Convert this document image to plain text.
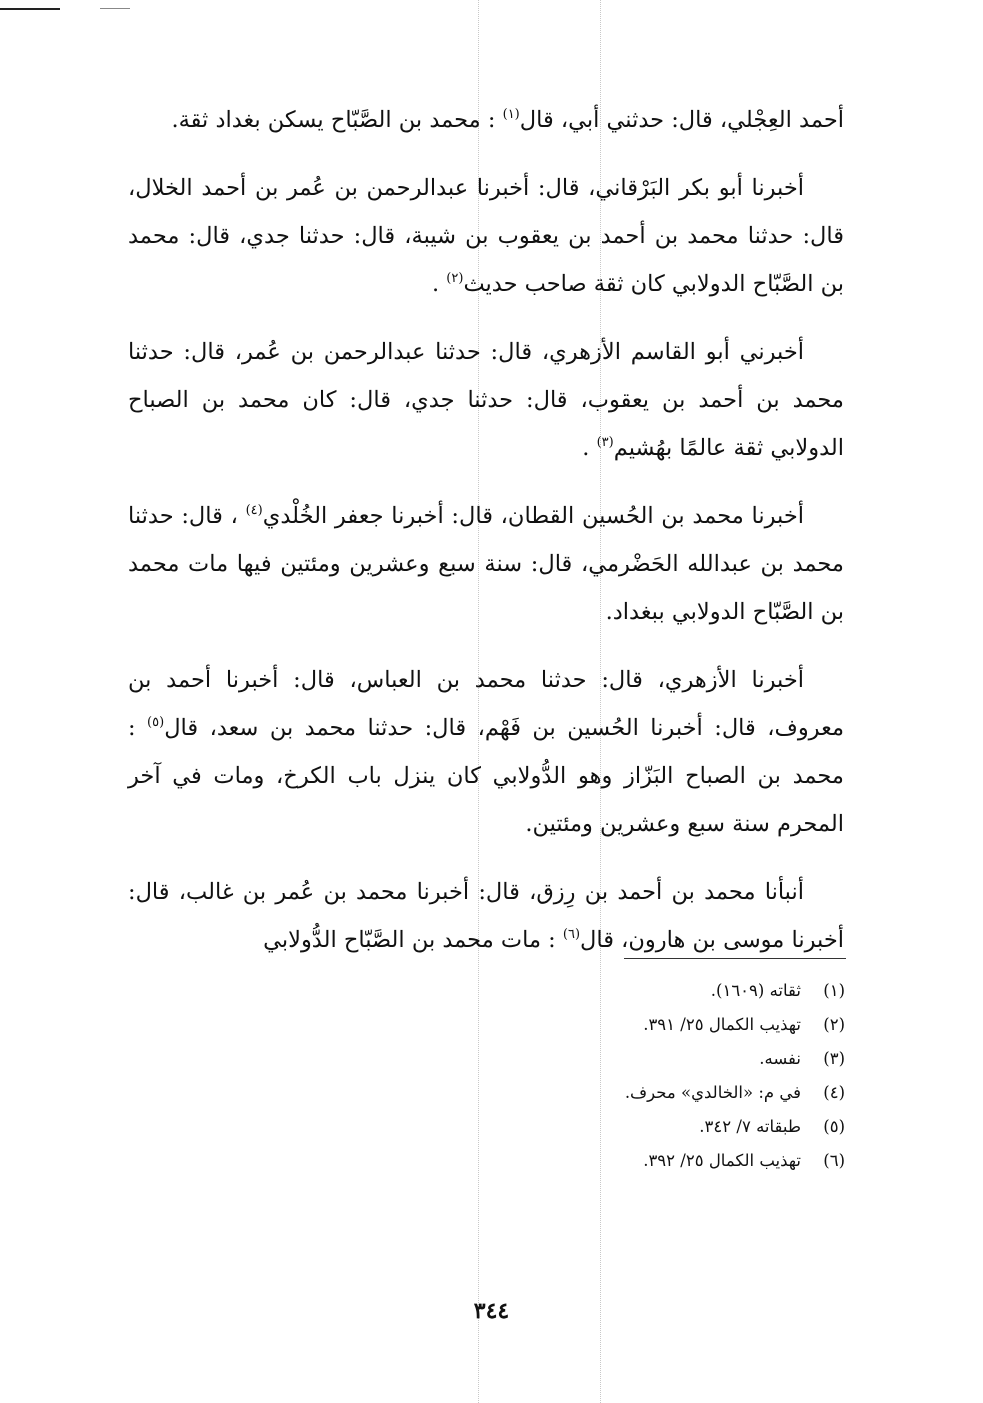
أحمد العِجْلي، قال: حدثني أبي، قال$^{(١)}$ : محمد بن الصَّبّاح يسكن بغداد ثقة.

أخبرنا أبو بكر البَرْقاني، قال: أخبرنا عبدالرحمن بن عُمر بن أحمد الخلال، قال: حدثنا محمد بن أحمد بن يعقوب بن شيبة، قال: حدثنا جدي، قال: محمد بن الصَّبّاح الدولابي كان ثقة صاحب حديث$^{(٢)}$ .

أخبرني أبو القاسم الأزهري، قال: حدثنا عبدالرحمن بن عُمر، قال: حدثنا محمد بن أحمد بن يعقوب، قال: حدثنا جدي، قال: كان محمد بن الصباح الدولابي ثقة عالمًا بهُشيم$^{(٣)}$ .

أخبرنا محمد بن الحُسين القطان، قال: أخبرنا جعفر الخُلْدي$^{(٤)}$ ، قال: حدثنا محمد بن عبدالله الحَضْرمي، قال: سنة سبع وعشرين ومئتين فيها مات محمد بن الصَّبّاح الدولابي ببغداد.

أخبرنا الأزهري، قال: حدثنا محمد بن العباس، قال: أخبرنا أحمد بن معروف، قال: أخبرنا الحُسين بن فَهْم، قال: حدثنا محمد بن سعد، قال$^{(٥)}$ : محمد بن الصباح البَزّاز وهو الدُّولابي كان ينزل باب الكرخ، ومات في آخر المحرم سنة سبع وعشرين ومئتين.

أنبأنا محمد بن أحمد بن رِزق، قال: أخبرنا محمد بن عُمر بن غالب، قال: أخبرنا موسى بن هارون، قال$^{(٦)}$ : مات محمد بن الصَّبّاح الدُّولابي

(١)
ثقاته (١٦٠٩).
(٢)
تهذيب الكمال ٢٥/ ٣٩١.
(٣)
نفسه.
(٤)
في م: «الخالدي» محرف.
(٥)
طبقاته ٧/ ٣٤٢.
(٦)
تهذيب الكمال ٢٥/ ٣٩٢.
٣٤٤
